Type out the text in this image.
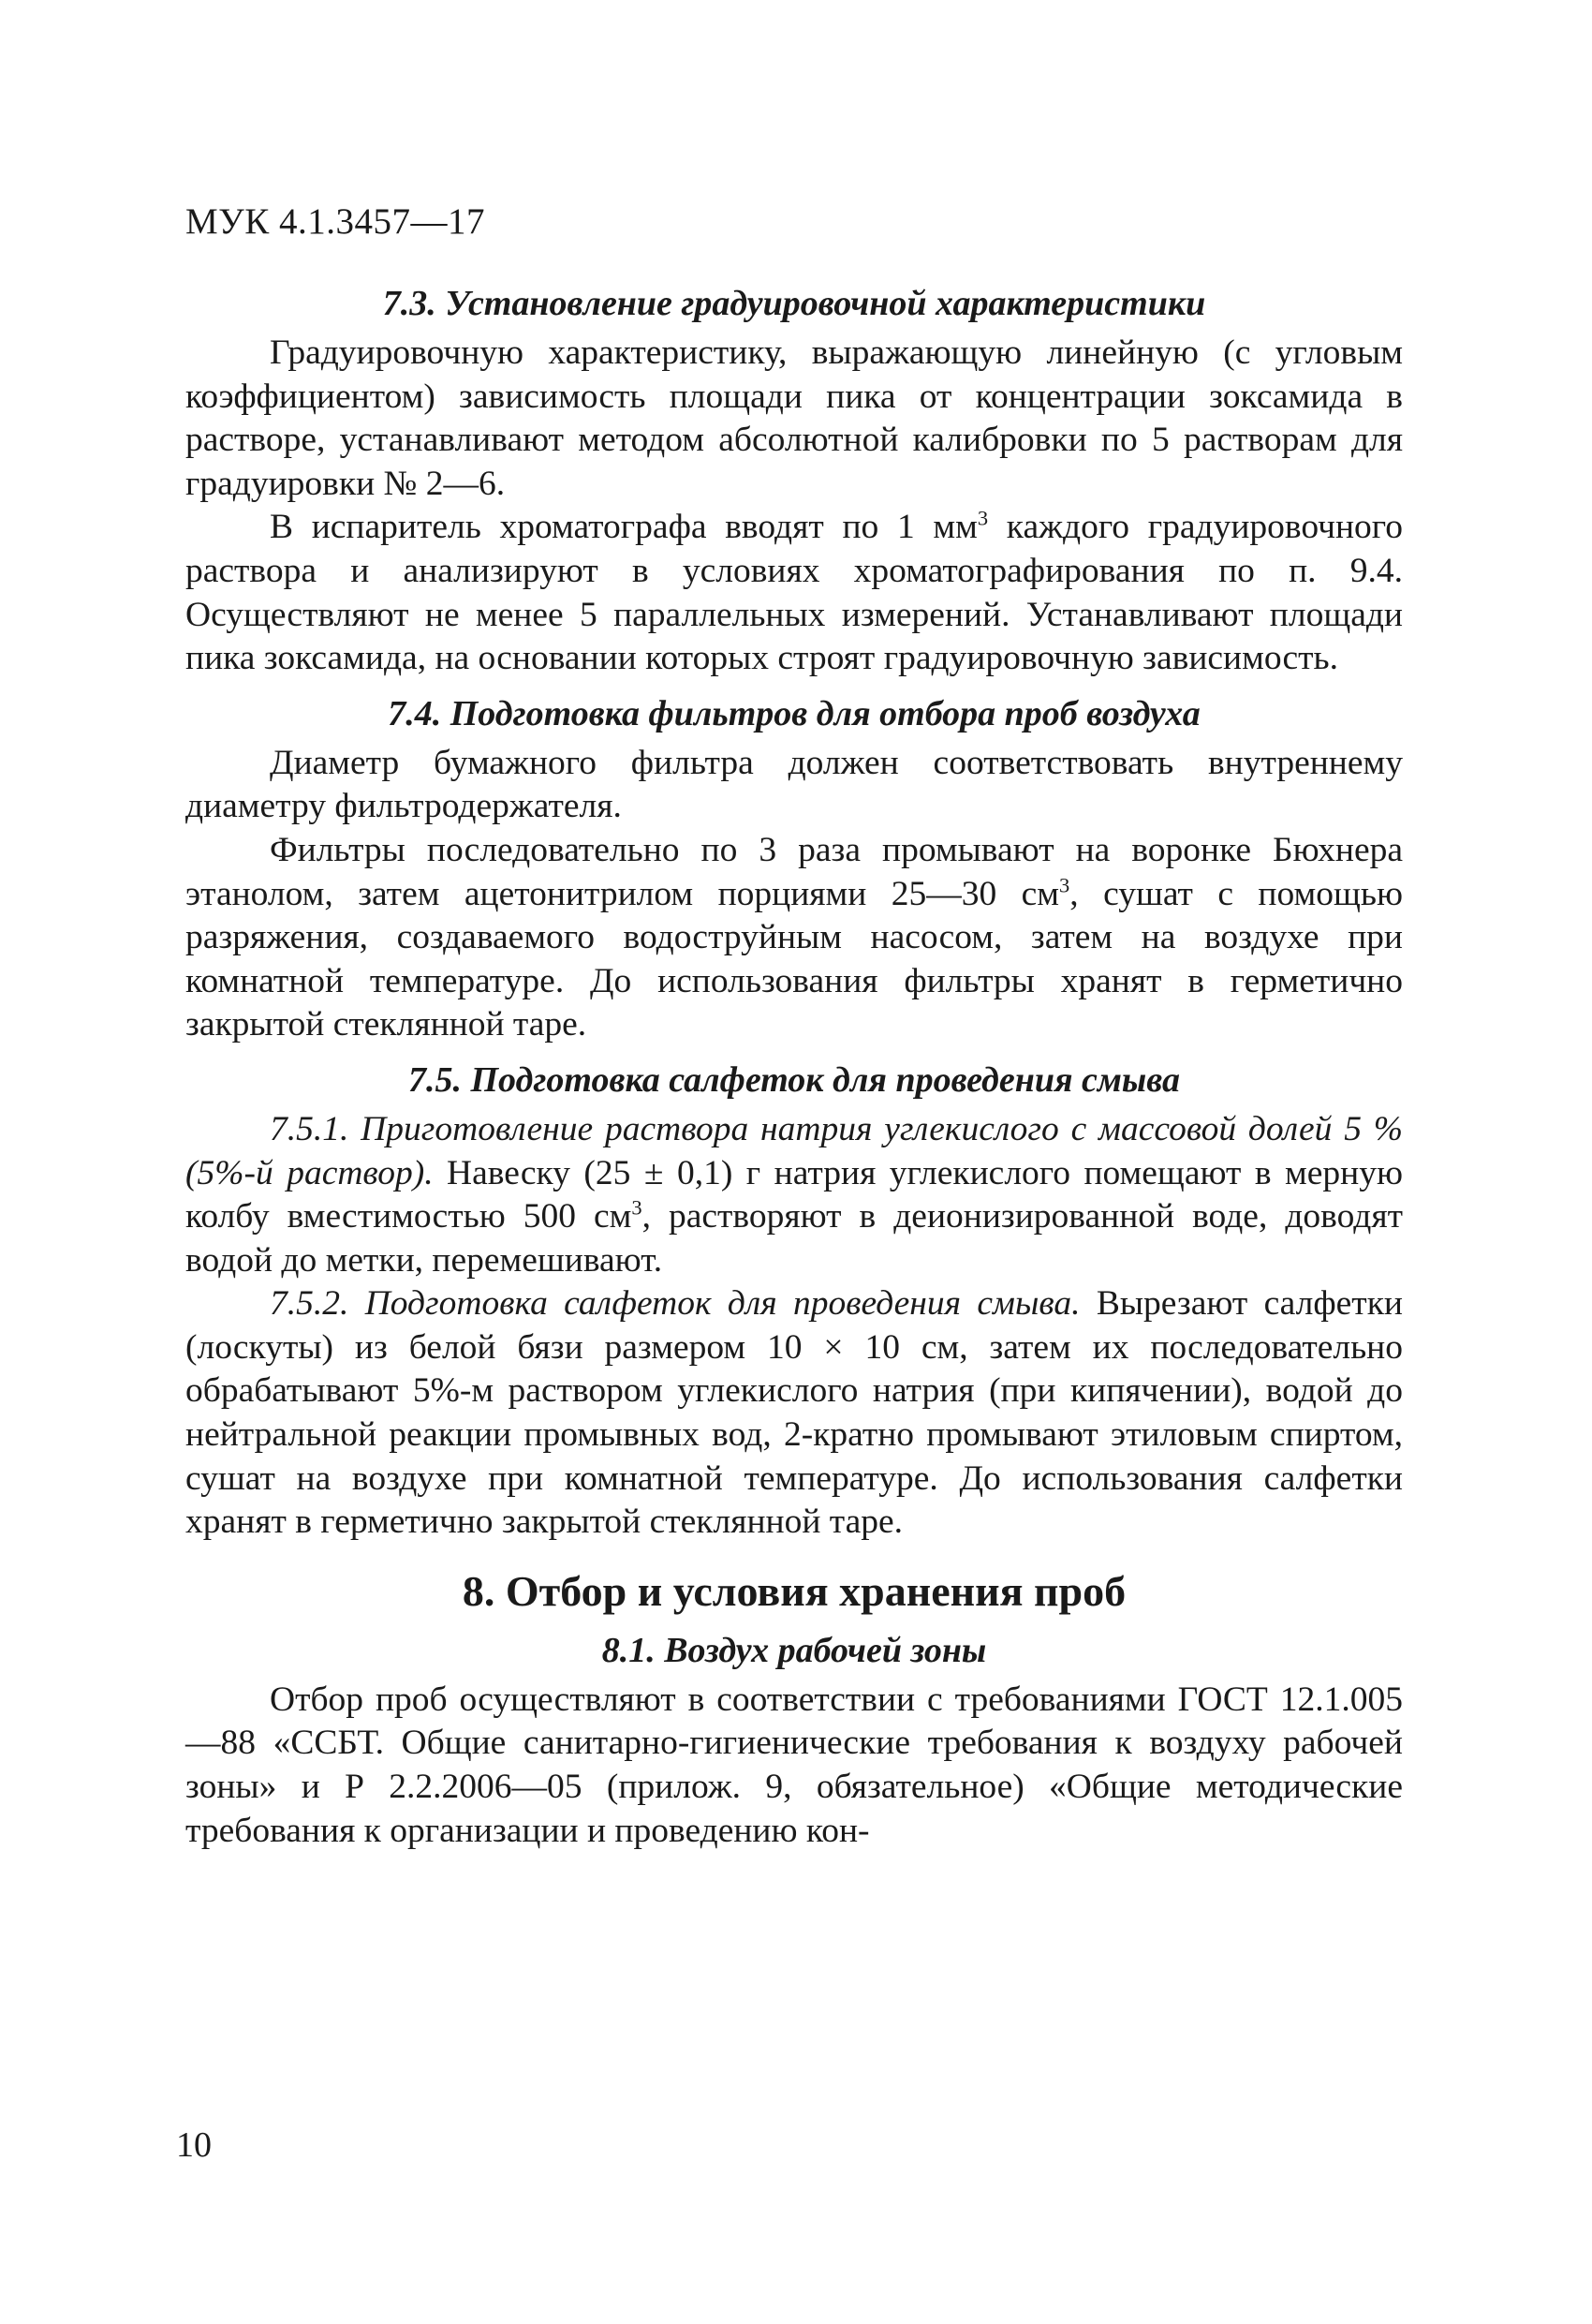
МУК 4.1.3457—17
7.3. Установление градуировочной характеристики

Градуировочную характеристику, выражающую линейную (с угловым коэффициентом) зависимость площади пика от концентрации зоксамида в растворе, устанавливают методом абсолютной калибровки по 5 растворам для градуировки № 2—6.

В испаритель хроматографа вводят по 1 $мм^3$ каждого градуировочного раствора и анализируют в условиях хроматографирования по п. 9.4. Осуществляют не менее 5 параллельных измерений. Устанавливают площади пика зоксамида, на основании которых строят градуировочную зависимость.

7.4. Подготовка фильтров для отбора проб воздуха

Диаметр бумажного фильтра должен соответствовать внутреннему диаметру фильтродержателя.

Фильтры последовательно по 3 раза промывают на воронке Бюхнера этанолом, затем ацетонитрилом порциями 25—30 $см^3$, сушат с помощью разряжения, создаваемого водоструйным насосом, затем на воздухе при комнатной температуре. До использования фильтры хранят в герметично закрытой стеклянной таре.

7.5. Подготовка салфеток для проведения смыва

7.5.1. Приготовление раствора натрия углекислого с массовой долей 5 % (5%-й раствор). Навеску (25 ± 0,1) г натрия углекислого помещают в мерную колбу вместимостью 500 $см^3$, растворяют в деионизированной воде, доводят водой до метки, перемешивают.

7.5.2. Подготовка салфеток для проведения смыва. Вырезают салфетки (лоскуты) из белой бязи размером 10 × 10 см, затем их последовательно обрабатывают 5%-м раствором углекислого натрия (при кипячении), водой до нейтральной реакции промывных вод, 2-кратно промывают этиловым спиртом, сушат на воздухе при комнатной температуре. До использования салфетки хранят в герметично закрытой стеклянной таре.

8. Отбор и условия хранения проб
8.1. Воздух рабочей зоны

Отбор проб осуществляют в соответствии с требованиями ГОСТ 12.1.005—88 «ССБТ. Общие санитарно-гигиенические требования к воздуху рабочей зоны» и Р 2.2.2006—05 (прилож. 9, обязательное) «Общие методические требования к организации и проведению кон-

10
